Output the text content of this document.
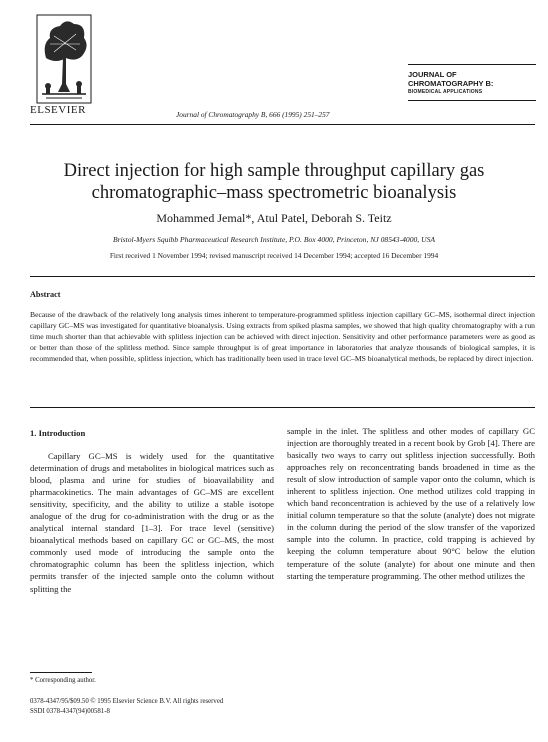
ELSEVIER	Journal of Chromatography B, 666 (1995) 251–257
JOURNAL OF
CHROMATOGRAPHY B:
BIOMEDICAL APPLICATIONS
Direct injection for high sample throughput capillary gas chromatographic–mass spectrometric bioanalysis
Mohammed Jemal*, Atul Patel, Deborah S. Teitz
Bristol-Myers Squibb Pharmaceutical Research Institute, P.O. Box 4000, Princeton, NJ 08543-4000, USA
First received 1 November 1994; revised manuscript received 14 December 1994; accepted 16 December 1994
Abstract
Because of the drawback of the relatively long analysis times inherent to temperature-programmed splitless injection capillary GC–MS, isothermal direct injection capillary GC–MS was investigated for quantitative bioanalysis. Using extracts from spiked plasma samples, we showed that high quality chromatography with a run time much shorter than that achievable with splitless injection can be achieved with direct injection. Sensitivity and other performance parameters were as good as or better than those of the splitless method. Since sample throughput is of great importance in laboratories that analyze thousands of biological samples, it is recommended that, when possible, splitless injection, which has traditionally been used in trace level GC–MS bioanalytical methods, be replaced by direct injection.
1. Introduction
Capillary GC–MS is widely used for the quantitative determination of drugs and metabolites in biological matrices such as blood, plasma and urine for studies of bioavailability and pharmacokinetics. The main advantages of GC–MS are excellent sensitivity, specificity, and the ability to utilize a stable isotope analogue of the drug for co-administration with the drug or as the analytical internal standard [1–3]. For trace level (sensitive) bioanalytical methods based on capillary GC or GC–MS, the most commonly used mode of introducing the sample onto the chromatographic column has been the splitless injection, which permits transfer of the injected sample onto the column without splitting the
sample in the inlet. The splitless and other modes of capillary GC injection are thoroughly treated in a recent book by Grob [4]. There are basically two ways to carry out splitless injection successfully. Both approaches rely on reconcentrating bands broadened in time as the result of slow introduction of sample vapor onto the column, which is inherent to splitless injection. One method utilizes cold trapping in which band reconcentration is achieved by the use of a relatively low initial column temperature so that the solute (analyte) does not migrate in the column during the period of the slow transfer of the vaporized sample into the column. In practice, cold trapping is achieved by keeping the column temperature about 90°C below the elution temperature of the solute (analyte) for about one minute and then starting the temperature programming. The other method utilizes the
* Corresponding author.
0378-4347/95/$09.50 © 1995 Elsevier Science B.V. All rights reserved
SSDI 0378-4347(94)00581-8
